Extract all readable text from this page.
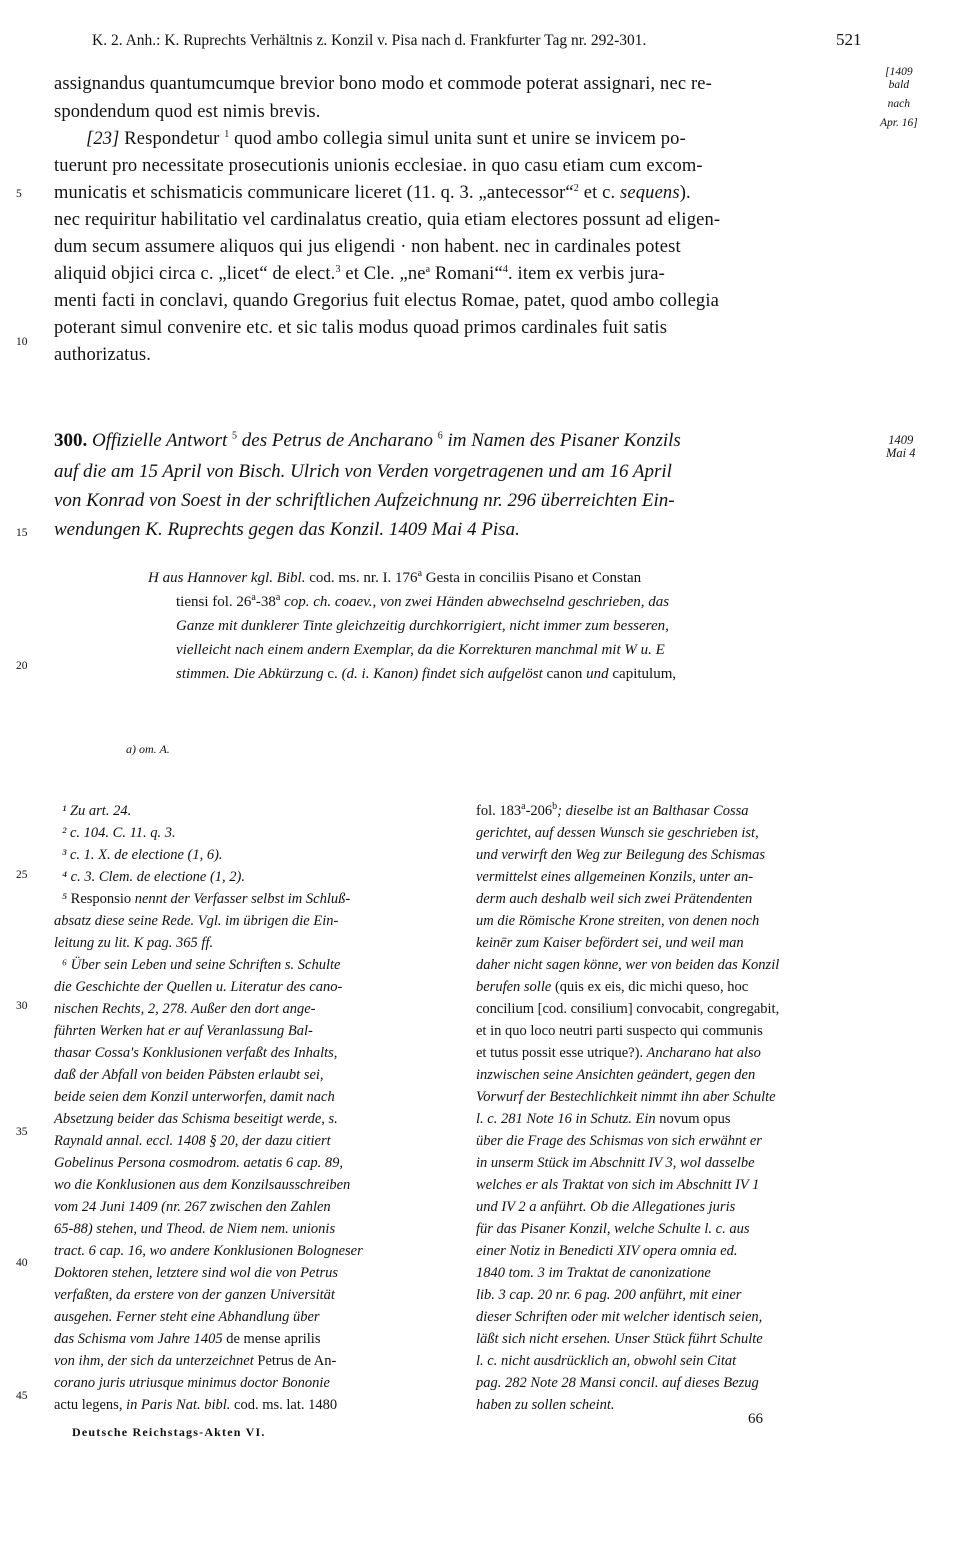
K. 2. Anh.: K. Ruprechts Verhältnis z. Konzil v. Pisa nach d. Frankfurter Tag nr. 292-301.	521
[1409
bald
nach
Apr. 16]
1409
Mai 4
5
10
15
20
25
30
35
40
45
assignandus quantumcumque brevior bono modo et commode poterat assignari, nec re-
spondendum quod est nimis brevis.
[23] Respondetur $^1$ quod ambo collegia simul unita sunt et unire se invicem po-
tuerunt pro necessitate prosecutionis unionis ecclesiae. in quo casu etiam cum excom-
municatis et schismaticis communicare liceret (11. q. 3. „antecessor“$^2$ et c. sequens).
nec requiritur habilitatio vel cardinalatus creatio, quia etiam electores possunt ad eligen-
dum secum assumere aliquos qui jus eligendi · non habent. nec in cardinales potest
aliquid objici circa c. „licet“ de elect.$^3$ et Cle. $„ne^a$ Romani“$^4$. item ex verbis jura-
menti facti in conclavi, quando Gregorius fuit electus Romae, patet, quod ambo collegia
poterant simul convenire etc. et sic talis modus quoad primos cardinales fuit satis
authorizatus.
300. Offizielle Antwort $^5$ des Petrus de Ancharano $^6$ im Namen des Pisaner Konzils
auf die am 15 April von Bisch. Ulrich von Verden vorgetragenen und am 16 April
von Konrad von Soest in der schriftlichen Aufzeichnung nr. 296 überreichten Ein-
wendungen K. Ruprechts gegen das Konzil. 1409 Mai 4 Pisa.
H aus Hannover kgl. Bibl. cod. ms. nr. I. 176$^a$ Gesta in conciliis Pisano et Constan
tiensi fol. 26$^a$-38$^a$ cop. ch. coaev., von zwei Händen abwechselnd geschrieben, das
Ganze mit dunklerer Tinte gleichzeitig durchkorrigiert, nicht immer zum besseren,
vielleicht nach einem andern Exemplar, da die Korrekturen manchmal mit W u. E
stimmen. Die Abkürzung c. (d. i. Kanon) findet sich aufgelöst canon und capitulum,
a) om. A.
¹ Zu art. 24.
² c. 104. C. 11. q. 3.
³ c. 1. X. de electione (1, 6).
⁴ c. 3. Clem. de electione (1, 2).
⁵ Responsio nennt der Verfasser selbst im Schluß-
absatz diese seine Rede. Vgl. im übrigen die Ein-
leitung zu lit. K pag. 365 ff.
⁶ Über sein Leben und seine Schriften s. Schulte
die Geschichte der Quellen u. Literatur des cano-
nischen Rechts, 2, 278. Außer den dort ange-
führten Werken hat er auf Veranlassung Bal-
thasar Cossa's Konklusionen verfaßt des Inhalts,
daß der Abfall von beiden Päbsten erlaubt sei,
beide seien dem Konzil unterworfen, damit nach
Absetzung beider das Schisma beseitigt werde, s.
Raynald annal. eccl. 1408 § 20, der dazu citiert
Gobelinus Persona cosmodrom. aetatis 6 cap. 89,
wo die Konklusionen aus dem Konzilsausschreiben
vom 24 Juni 1409 (nr. 267 zwischen den Zahlen
65-88) stehen, und Theod. de Niem nem. unionis
tract. 6 cap. 16, wo andere Konklusionen Bologneser
Doktoren stehen, letztere sind wol die von Petrus
verfaßten, da erstere von der ganzen Universität
ausgehen. Ferner steht eine Abhandlung über
das Schisma vom Jahre 1405 de mense aprilis
von ihm, der sich da unterzeichnet Petrus de An-
corano juris utriusque minimus doctor Bononie
actu legens, in Paris Nat. bibl. cod. ms. lat. 1480
fol. 183$^a$-206$^b$; dieselbe ist an Balthasar Cossa
gerichtet, auf dessen Wunsch sie geschrieben ist,
und verwirft den Weg zur Beilegung des Schismas
vermittelst eines allgemeinen Konzils, unter an-
derm auch deshalb weil sich zwei Prätendenten
um die Römische Krone streiten, von denen noch
keinēr zum Kaiser befördert sei, und weil man
daher nicht sagen könne, wer von beiden das Konzil
berufen solle (quis ex eis, dic michi queso, hoc
concilium [cod. consilium] convocabit, congregabit,
et in quo loco neutri parti suspecto qui communis
et tutus possit esse utrique?). Ancharano hat also
inzwischen seine Ansichten geändert, gegen den
Vorwurf der Bestechlichkeit nimmt ihn aber Schulte
l. c. 281 Note 16 in Schutz. Ein novum opus
über die Frage des Schismas von sich erwähnt er
in unserm Stück im Abschnitt IV 3, wol dasselbe
welches er als Traktat von sich im Abschnitt IV 1
und IV 2 a anführt. Ob die Allegationes juris
für das Pisaner Konzil, welche Schulte l. c. aus
einer Notiz in Benedicti XIV opera omnia ed.
1840 tom. 3 im Traktat de canonizatione
lib. 3 cap. 20 nr. 6 pag. 200 anführt, mit einer
dieser Schriften oder mit welcher identisch seien,
läßt sich nicht ersehen. Unser Stück führt Schulte
l. c. nicht ausdrücklich an, obwohl sein Citat
pag. 282 Note 28 Mansi concil. auf dieses Bezug
haben zu sollen scheint.
Deutsche Reichstags-Akten VI.
66
